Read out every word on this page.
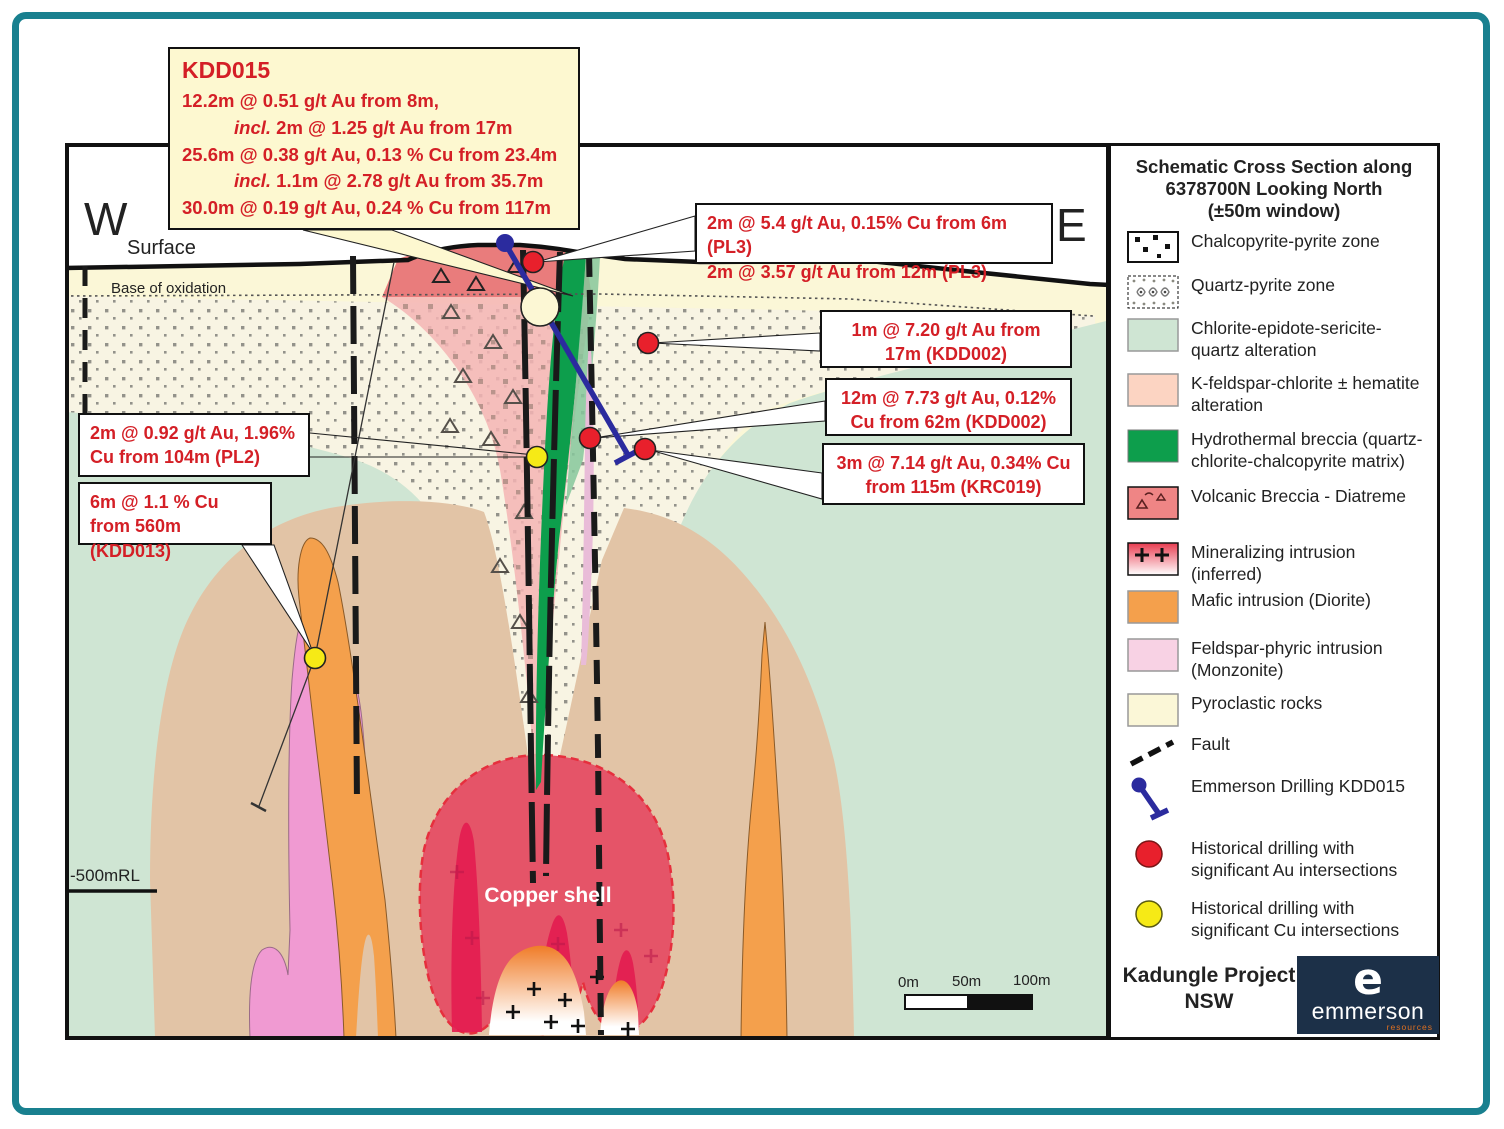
W	E
Surface
Base of oxidation
-500mRL
Copper shell
0m 50m 100m
KDD015
12.2m @ 0.51 g/t Au from 8m,
incl. 2m @ 1.25 g/t Au from 17m
25.6m @ 0.38 g/t Au, 0.13 % Cu from 23.4m
incl. 1.1m @ 2.78 g/t Au from 35.7m
30.0m @ 0.19 g/t Au, 0.24 % Cu from 117m
2m @ 5.4 g/t Au, 0.15% Cu from 6m (PL3)
2m @ 3.57 g/t Au from 12m (PL3)
1m @ 7.20 g/t Au from 17m (KDD002)
12m @ 7.73 g/t Au, 0.12% Cu from 62m (KDD002)
3m @ 7.14 g/t Au, 0.34% Cu from 115m (KRC019)
2m @ 0.92 g/t Au, 1.96% Cu from 104m (PL2)
6m @ 1.1 % Cu from 560m (KDD013)
Schematic Cross Section along
6378700N Looking North
(±50m window)
Chalcopyrite-pyrite zone
Quartz-pyrite zone
Chlorite-epidote-sericite-quartz alteration
K-feldspar-chlorite ± hematite alteration
Hydrothermal breccia (quartz-chlorite-chalcopyrite matrix)
Volcanic Breccia - Diatreme
Mineralizing intrusion (inferred)
Mafic intrusion (Diorite)
Feldspar-phyric intrusion (Monzonite)
Pyroclastic rocks
Fault
Emmerson Drilling KDD015
Historical drilling with significant Au intersections
Historical drilling with significant Cu intersections
Kadungle Project
NSW	e
emmerson
resources
